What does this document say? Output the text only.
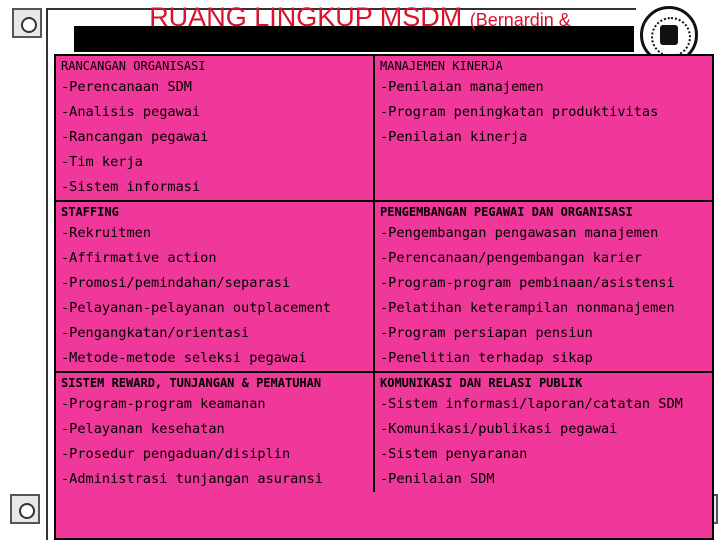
RUANG LINGKUP MSDM (Bernardin &
RANCANGAN ORGANISASI	MANAJEMEN KINERJA
-Perencanaan SDM	-Penilaian manajemen
-Analisis pegawai	-Program peningkatan produktivitas
-Rancangan pegawai	-Penilaian kinerja
-Tim kerja	
-Sistem informasi	
STAFFING	PENGEMBANGAN PEGAWAI DAN ORGANISASI
-Rekruitmen	-Pengembangan pengawasan manajemen
-Affirmative action	-Perencanaan/pengembangan karier
-Promosi/pemindahan/separasi	-Program-program pembinaan/asistensi
-Pelayanan-pelayanan outplacement	-Pelatihan keterampilan nonmanajemen
-Pengangkatan/orientasi	-Program persiapan pensiun
-Metode-metode seleksi pegawai	-Penelitian terhadap sikap
SISTEM REWARD, TUNJANGAN & PEMATUHAN	KOMUNIKASI DAN RELASI PUBLIK
-Program-program keamanan	-Sistem informasi/laporan/catatan SDM
-Pelayanan kesehatan	-Komunikasi/publikasi pegawai
-Prosedur pengaduan/disiplin	-Sistem penyaranan
-Administrasi tunjangan asuransi	-Penilaian SDM
